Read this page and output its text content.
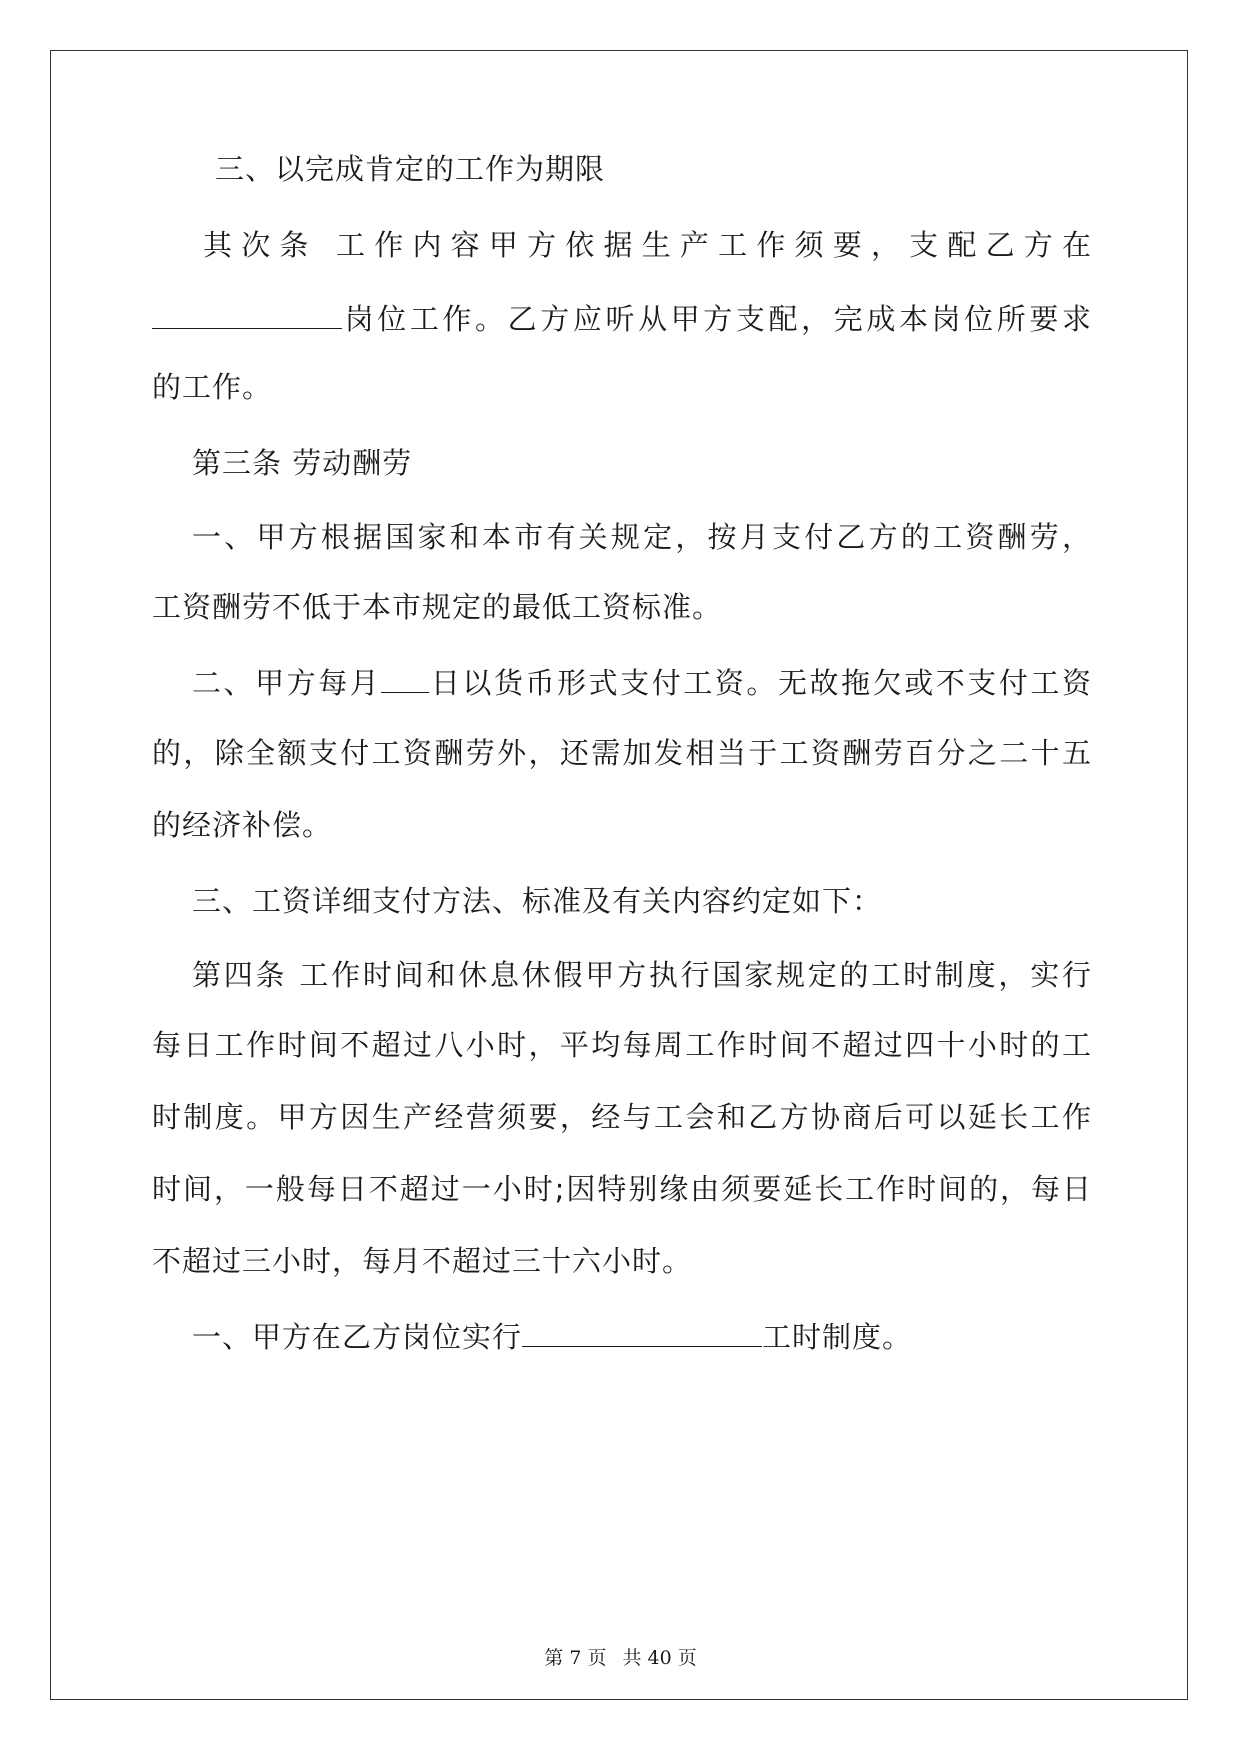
三、以完成肯定的工作为期限
其次条 工作内容甲方依据生产工作须要，支配乙方在
岗位工作。乙方应听从甲方支配，完成本岗位所要求
的工作。
第三条 劳动酬劳
一、甲方根据国家和本市有关规定，按月支付乙方的工资酬劳，
工资酬劳不低于本市规定的最低工资标准。
二、甲方每月 日以货币形式支付工资。无故拖欠或不支付工资
的，除全额支付工资酬劳外，还需加发相当于工资酬劳百分之二十五
的经济补偿。
三、工资详细支付方法、标准及有关内容约定如下：
第四条 工作时间和休息休假甲方执行国家规定的工时制度，实行
每日工作时间不超过八小时，平均每周工作时间不超过四十小时的工
时制度。甲方因生产经营须要，经与工会和乙方协商后可以延长工作
时间，一般每日不超过一小时;因特别缘由须要延长工作时间的，每日
不超过三小时，每月不超过三十六小时。
一、甲方在乙方岗位实行	工时制度。
第 7 页 共 40 页
